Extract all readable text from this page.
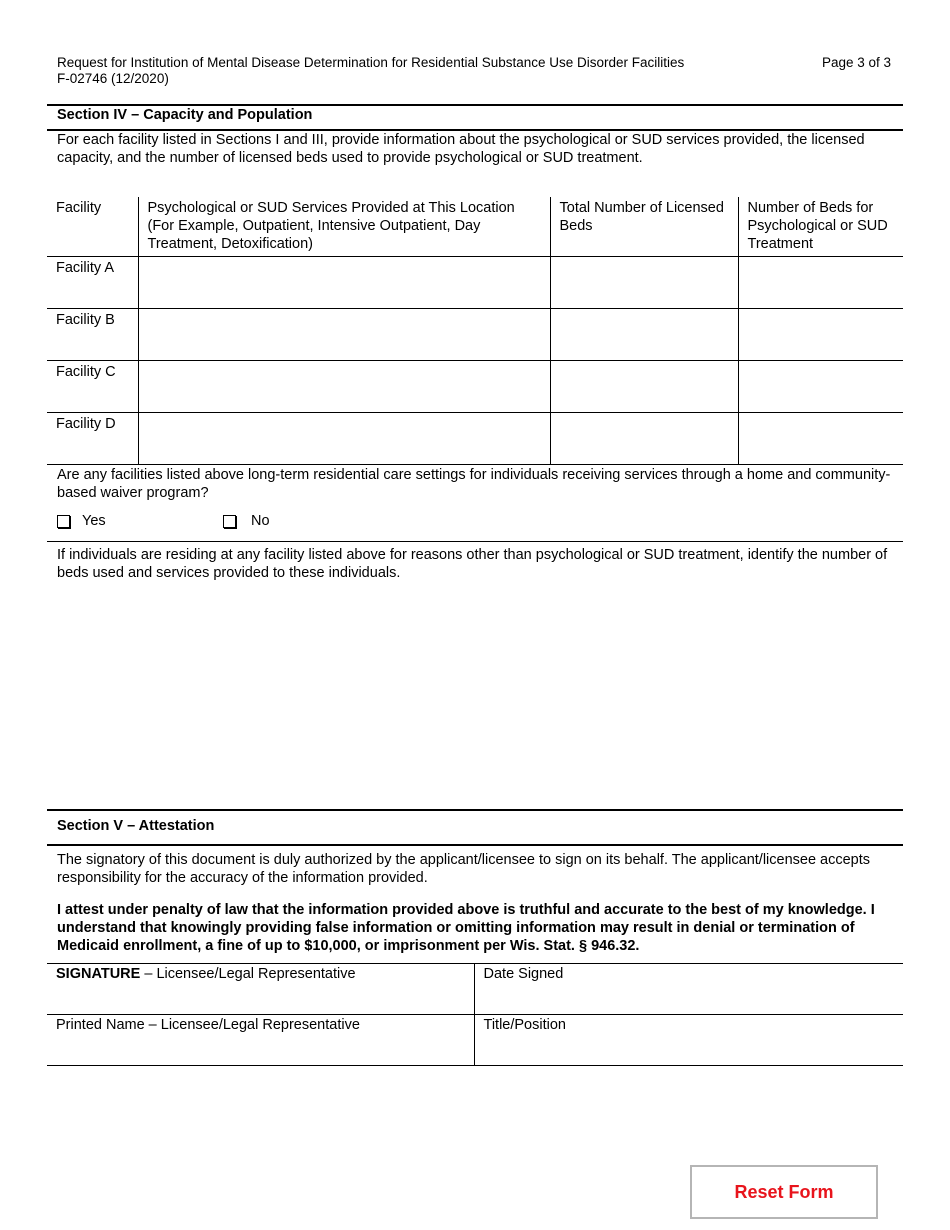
Request for Institution of Mental Disease Determination for Residential Substance Use Disorder Facilities
F-02746 (12/2020)
Page 3 of 3
Section IV – Capacity and Population
For each facility listed in Sections I and III, provide information about the psychological or SUD services provided, the licensed capacity, and the number of licensed beds used to provide psychological or SUD treatment.
Facility	Psychological or SUD Services Provided at This Location (For Example, Outpatient, Intensive Outpatient, Day Treatment, Detoxification)	Total Number of Licensed Beds	Number of Beds for Psychological or SUD Treatment
Facility A			
Facility B			
Facility C			
Facility D			
Are any facilities listed above long-term residential care settings for individuals receiving services through a home and community-based waiver program?
Yes	No
If individuals are residing at any facility listed above for reasons other than psychological or SUD treatment, identify the number of beds used and services provided to these individuals.
Section V – Attestation
The signatory of this document is duly authorized by the applicant/licensee to sign on its behalf. The applicant/licensee accepts responsibility for the accuracy of the information provided.
I attest under penalty of law that the information provided above is truthful and accurate to the best of my knowledge. I understand that knowingly providing false information or omitting information may result in denial or termination of Medicaid enrollment, a fine of up to $10,000, or imprisonment per Wis. Stat. § 946.32.
SIGNATURE – Licensee/Legal Representative	Date Signed
Printed Name – Licensee/Legal Representative	Title/Position
Reset Form
